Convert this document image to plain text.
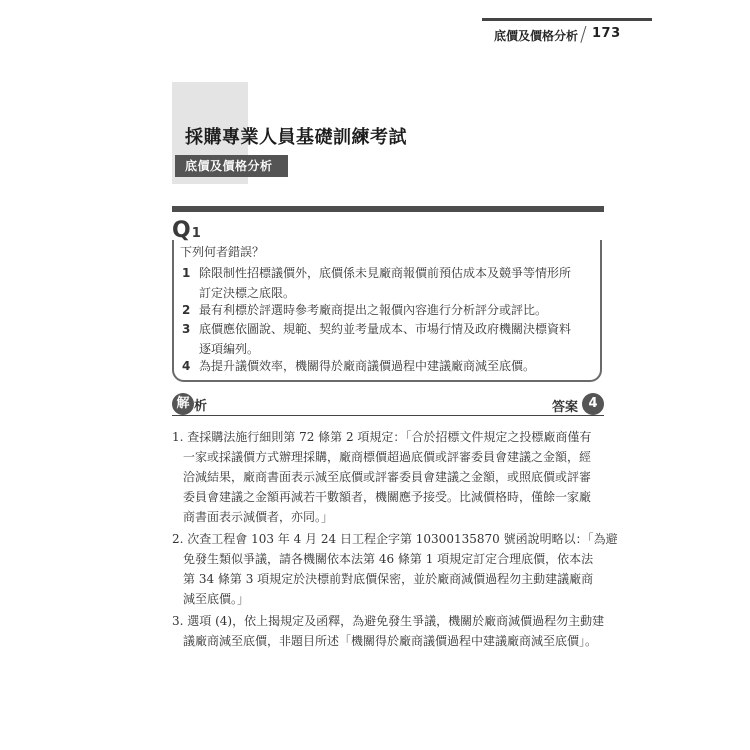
底價及價格分析 / 173
採購專業人員基礎訓練考試
底價及價格分析
Q1
下列何者錯誤？
1 除限制性招標議價外，底價係未見廠商報價前預估成本及競爭等情形所
訂定決標之底限。
2 最有利標於評選時參考廠商提出之報價內容進行分析評分或評比。
3 底價應依圖說、規範、契約並考量成本、市場行情及政府機關決標資料
逐項編列。
4 為提升議價效率，機關得於廠商議價過程中建議廠商減至底價。
解 析	答案 4
1. 查採購法施行細則第 72 條第 2 項規定：「合於招標文件規定之投標廠商僅有
一家或採議價方式辦理採購，廠商標價超過底價或評審委員會建議之金額，經
洽減結果，廠商書面表示減至底價或評審委員會建議之金額，或照底價或評審
委員會建議之金額再減若干數額者，機關應予接受。比減價格時，僅餘一家廠
商書面表示減價者，亦同。」
2. 次查工程會 103 年 4 月 24 日工程企字第 10300135870 號函說明略以：「為避
免發生類似爭議，請各機關依本法第 46 條第 1 項規定訂定合理底價，依本法
第 34 條第 3 項規定於決標前對底價保密，並於廠商減價過程勿主動建議廠商
減至底價。」
3. 選項 (4)，依上揭規定及函釋，為避免發生爭議，機關於廠商減價過程勿主動建
議廠商減至底價，非題目所述「機關得於廠商議價過程中建議廠商減至底價」。
